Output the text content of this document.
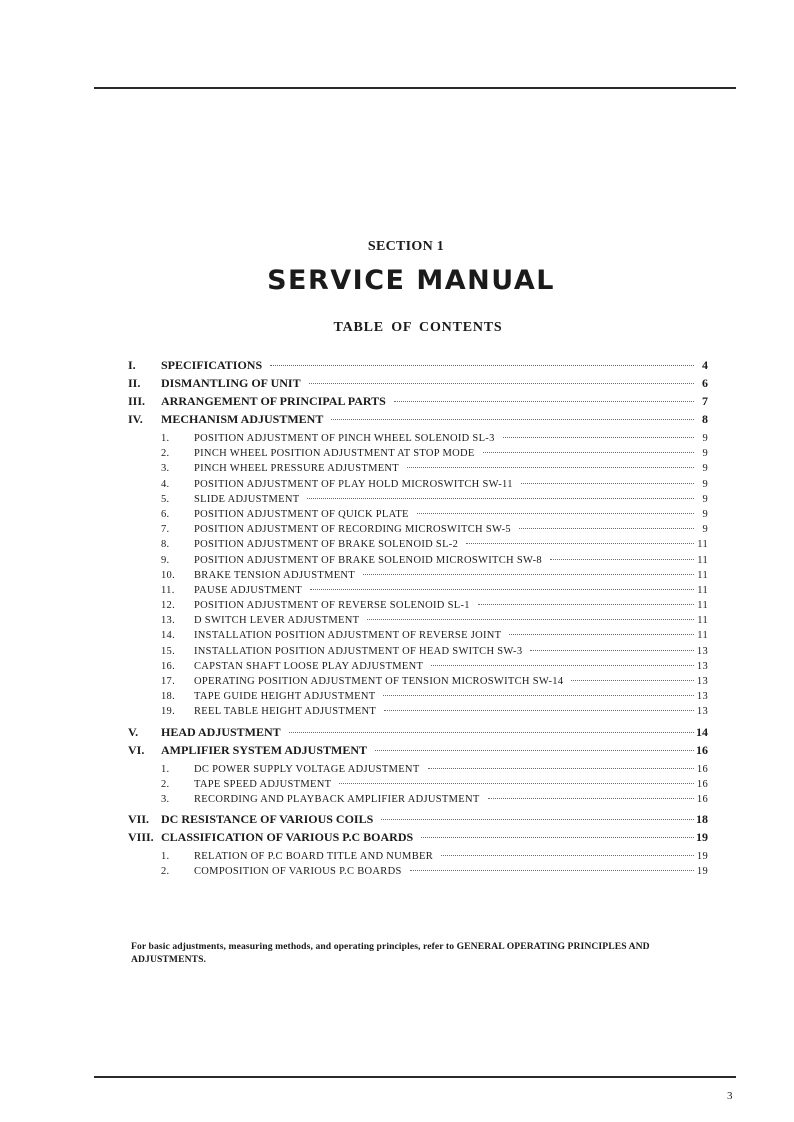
SECTION 1
SERVICE MANUAL
TABLE OF CONTENTS
I.	SPECIFICATIONS	4
II.	DISMANTLING OF UNIT	6
III.	ARRANGEMENT OF PRINCIPAL PARTS	7
IV.	MECHANISM ADJUSTMENT	8
1.	POSITION ADJUSTMENT OF PINCH WHEEL SOLENOID SL-3	9
2.	PINCH WHEEL POSITION ADJUSTMENT AT STOP MODE	9
3.	PINCH WHEEL PRESSURE ADJUSTMENT	9
4.	POSITION ADJUSTMENT OF PLAY HOLD MICROSWITCH SW-11	9
5.	SLIDE ADJUSTMENT	9
6.	POSITION ADJUSTMENT OF QUICK PLATE	9
7.	POSITION ADJUSTMENT OF RECORDING MICROSWITCH SW-5	9
8.	POSITION ADJUSTMENT OF BRAKE SOLENOID SL-2	11
9.	POSITION ADJUSTMENT OF BRAKE SOLENOID MICROSWITCH SW-8	11
10.	BRAKE TENSION ADJUSTMENT	11
11.	PAUSE ADJUSTMENT	11
12.	POSITION ADJUSTMENT OF REVERSE SOLENOID SL-1	11
13.	D SWITCH LEVER ADJUSTMENT	11
14.	INSTALLATION POSITION ADJUSTMENT OF REVERSE JOINT	11
15.	INSTALLATION POSITION ADJUSTMENT OF HEAD SWITCH SW-3	13
16.	CAPSTAN SHAFT LOOSE PLAY ADJUSTMENT	13
17.	OPERATING POSITION ADJUSTMENT OF TENSION MICROSWITCH SW-14	13
18.	TAPE GUIDE HEIGHT ADJUSTMENT	13
19.	REEL TABLE HEIGHT ADJUSTMENT	13
V.	HEAD ADJUSTMENT	14
VI.	AMPLIFIER SYSTEM ADJUSTMENT	16
1.	DC POWER SUPPLY VOLTAGE ADJUSTMENT	16
2.	TAPE SPEED ADJUSTMENT	16
3.	RECORDING AND PLAYBACK AMPLIFIER ADJUSTMENT	16
VII. DC RESISTANCE OF VARIOUS COILS	18
VIII. CLASSIFICATION OF VARIOUS P.C BOARDS	19
1.	RELATION OF P.C BOARD TITLE AND NUMBER	19
2.	COMPOSITION OF VARIOUS P.C BOARDS	19
For basic adjustments, measuring methods, and operating principles, refer to GENERAL OPERATING PRINCIPLES AND ADJUSTMENTS.
3
